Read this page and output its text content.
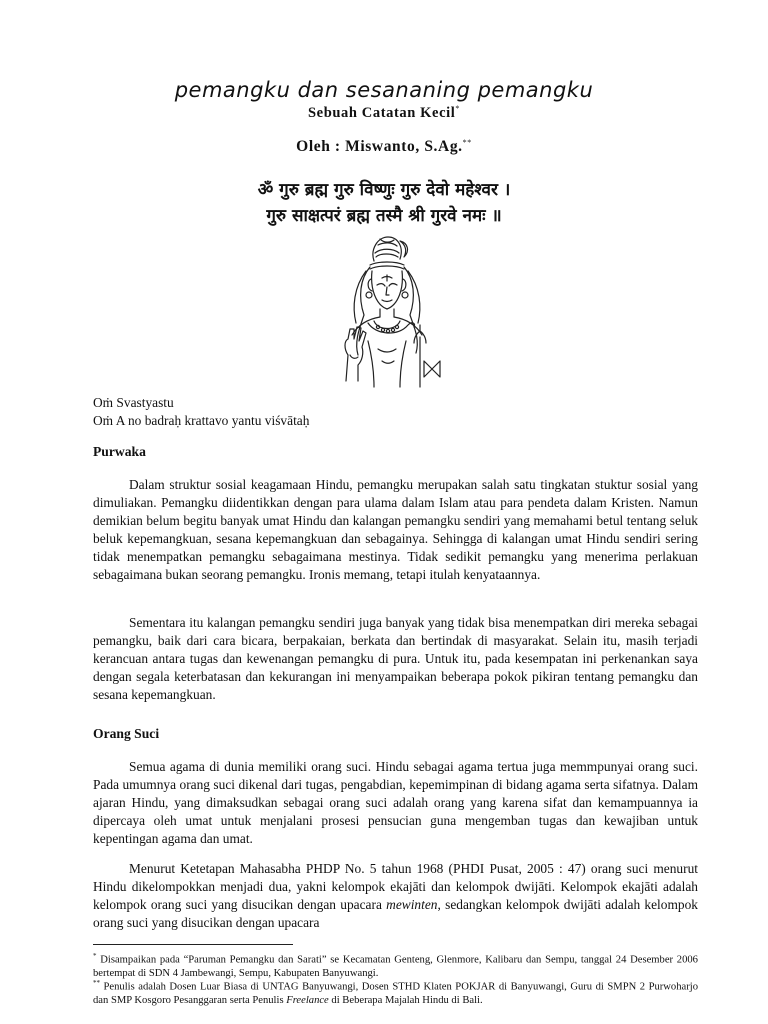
pemangku dan sesananing pemangku
Sebuah Catatan Kecil*
Oleh : Miswanto, S.Ag.**
ॐ गुरु ब्रह्म गुरु विष्णुः गुरु देवो महेश्वर ।
गुरु साक्षत्परं ब्रह्म तस्मै श्री गुरवे नमः ॥
Oṁ Svastyastu
Oṁ A no badraḥ krattavo yantu viśvātaḥ
Purwaka

Dalam struktur sosial keagamaan Hindu, pemangku merupakan salah satu tingkatan stuktur sosial yang dimuliakan. Pemangku diidentikkan dengan para ulama dalam Islam atau para pendeta dalam Kristen. Namun demikian belum begitu banyak umat Hindu dan kalangan pemangku sendiri yang memahami betul tentang seluk beluk kepemangkuan, sesana kepemangkuan dan sebagainya. Sehingga di kalangan umat Hindu sendiri sering tidak menempatkan pemangku sebagaimana mestinya. Tidak sedikit pemangku yang menerima perlakuan sebagaimana bukan seorang pemangku. Ironis memang, tetapi itulah kenyataannya.

Sementara itu kalangan pemangku sendiri juga banyak yang tidak bisa menempatkan diri mereka sebagai pemangku, baik dari cara bicara, berpakaian, berkata dan bertindak di masyarakat. Selain itu, masih terjadi kerancuan antara tugas dan kewenangan pemangku di pura. Untuk itu, pada kesempatan ini perkenankan saya dengan segala keterbatasan dan kekurangan ini menyampaikan beberapa pokok pikiran tentang pemangku dan sesana kepemangkuan.

Orang Suci

Semua agama di dunia memiliki orang suci. Hindu sebagai agama tertua juga memmpunyai orang suci. Pada umumnya orang suci dikenal dari tugas, pengabdian, kepemimpinan di bidang agama serta sifatnya. Dalam ajaran Hindu, yang dimaksudkan sebagai orang suci adalah orang yang karena sifat dan kemampuannya ia dipercaya oleh umat untuk menjalani prosesi pensucian guna mengemban tugas dan kewajiban untuk kepentingan agama dan umat.

Menurut Ketetapan Mahasabha PHDP No. 5 tahun 1968 (PHDI Pusat, 2005 : 47) orang suci menurut Hindu dikelompokkan menjadi dua, yakni kelompok ekajāti dan kelompok dwijāti. Kelompok ekajāti adalah kelompok orang suci yang disucikan dengan upacara mewinten, sedangkan kelompok dwijāti adalah kelompok orang suci yang disucikan dengan upacara

* Disampaikan pada “Paruman Pemangku dan Sarati” se Kecamatan Genteng, Glenmore, Kalibaru dan Sempu, tanggal 24 Desember 2006 bertempat di SDN 4 Jambewangi, Sempu, Kabupaten Banyuwangi.

** Penulis adalah Dosen Luar Biasa di UNTAG Banyuwangi, Dosen STHD Klaten POKJAR di Banyuwangi, Guru di SMPN 2 Purwoharjo dan SMP Kosgoro Pesanggaran serta Penulis Freelance di Beberapa Majalah Hindu di Bali.
